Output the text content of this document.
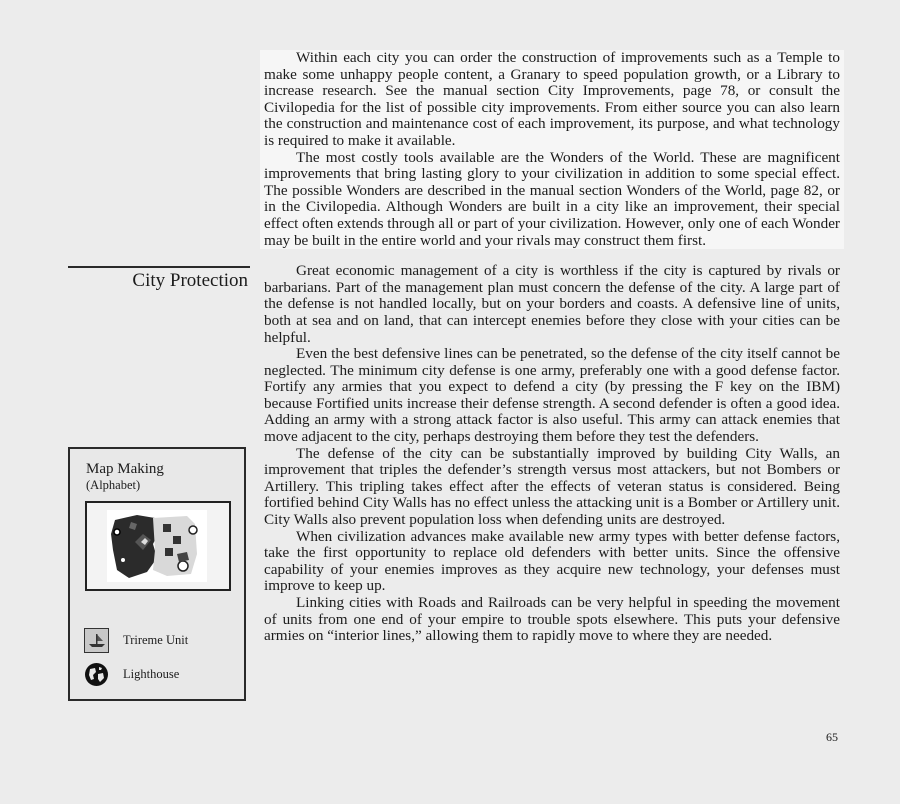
Within each city you can order the construction of improvements such as a Temple to make some unhappy people content, a Granary to speed population growth, or a Library to increase research. See the manual section City Improvements, page 78, or consult the Civilopedia for the list of possible city improvements. From either source you can also learn the construction and maintenance cost of each improvement, its purpose, and what technology is required to make it available.

The most costly tools available are the Wonders of the World. These are magnificent improvements that bring lasting glory to your civilization in addition to some special effect. The possible Wonders are described in the manual section Wonders of the World, page 82, or in the Civilopedia. Although Wonders are built in a city like an improvement, their special effect often extends through all or part of your civilization. However, only one of each Wonder may be built in the entire world and your rivals may construct them first.

Great economic management of a city is worthless if the city is captured by rivals or barbarians. Part of the management plan must concern the defense of the city. A large part of the defense is not handled locally, but on your borders and coasts. A defensive line of units, both at sea and on land, that can intercept enemies before they close with your cities can be helpful.

Even the best defensive lines can be penetrated, so the defense of the city itself cannot be neglected. The minimum city defense is one army, preferably one with a good defense factor. Fortify any armies that you expect to defend a city (by pressing the F key on the IBM) because Fortified units increase their defense strength. A second defender is often a good idea. Adding an army with a strong attack factor is also useful. This army can attack enemies that move adjacent to the city, perhaps destroying them before they test the defenders.

The defense of the city can be substantially improved by building City Walls, an improvement that triples the defender’s strength versus most attackers, but not Bombers or Artillery. This tripling takes effect after the effects of veteran status is considered. Being fortified behind City Walls has no effect unless the attacking unit is a Bomber or Artillery unit. City Walls also prevent population loss when defending units are destroyed.

When civilization advances make available new army types with better defense factors, take the first opportunity to replace old defenders with better units. Since the offensive capability of your enemies improves as they acquire new technology, your defenses must improve to keep up.

Linking cities with Roads and Railroads can be very helpful in speeding the movement of units from one end of your empire to trouble spots elsewhere. This puts your defensive armies on “interior lines,” allowing them to rapidly move to where they are needed.

City Protection
Map Making
(Alphabet)
Trireme Unit
Lighthouse
65
